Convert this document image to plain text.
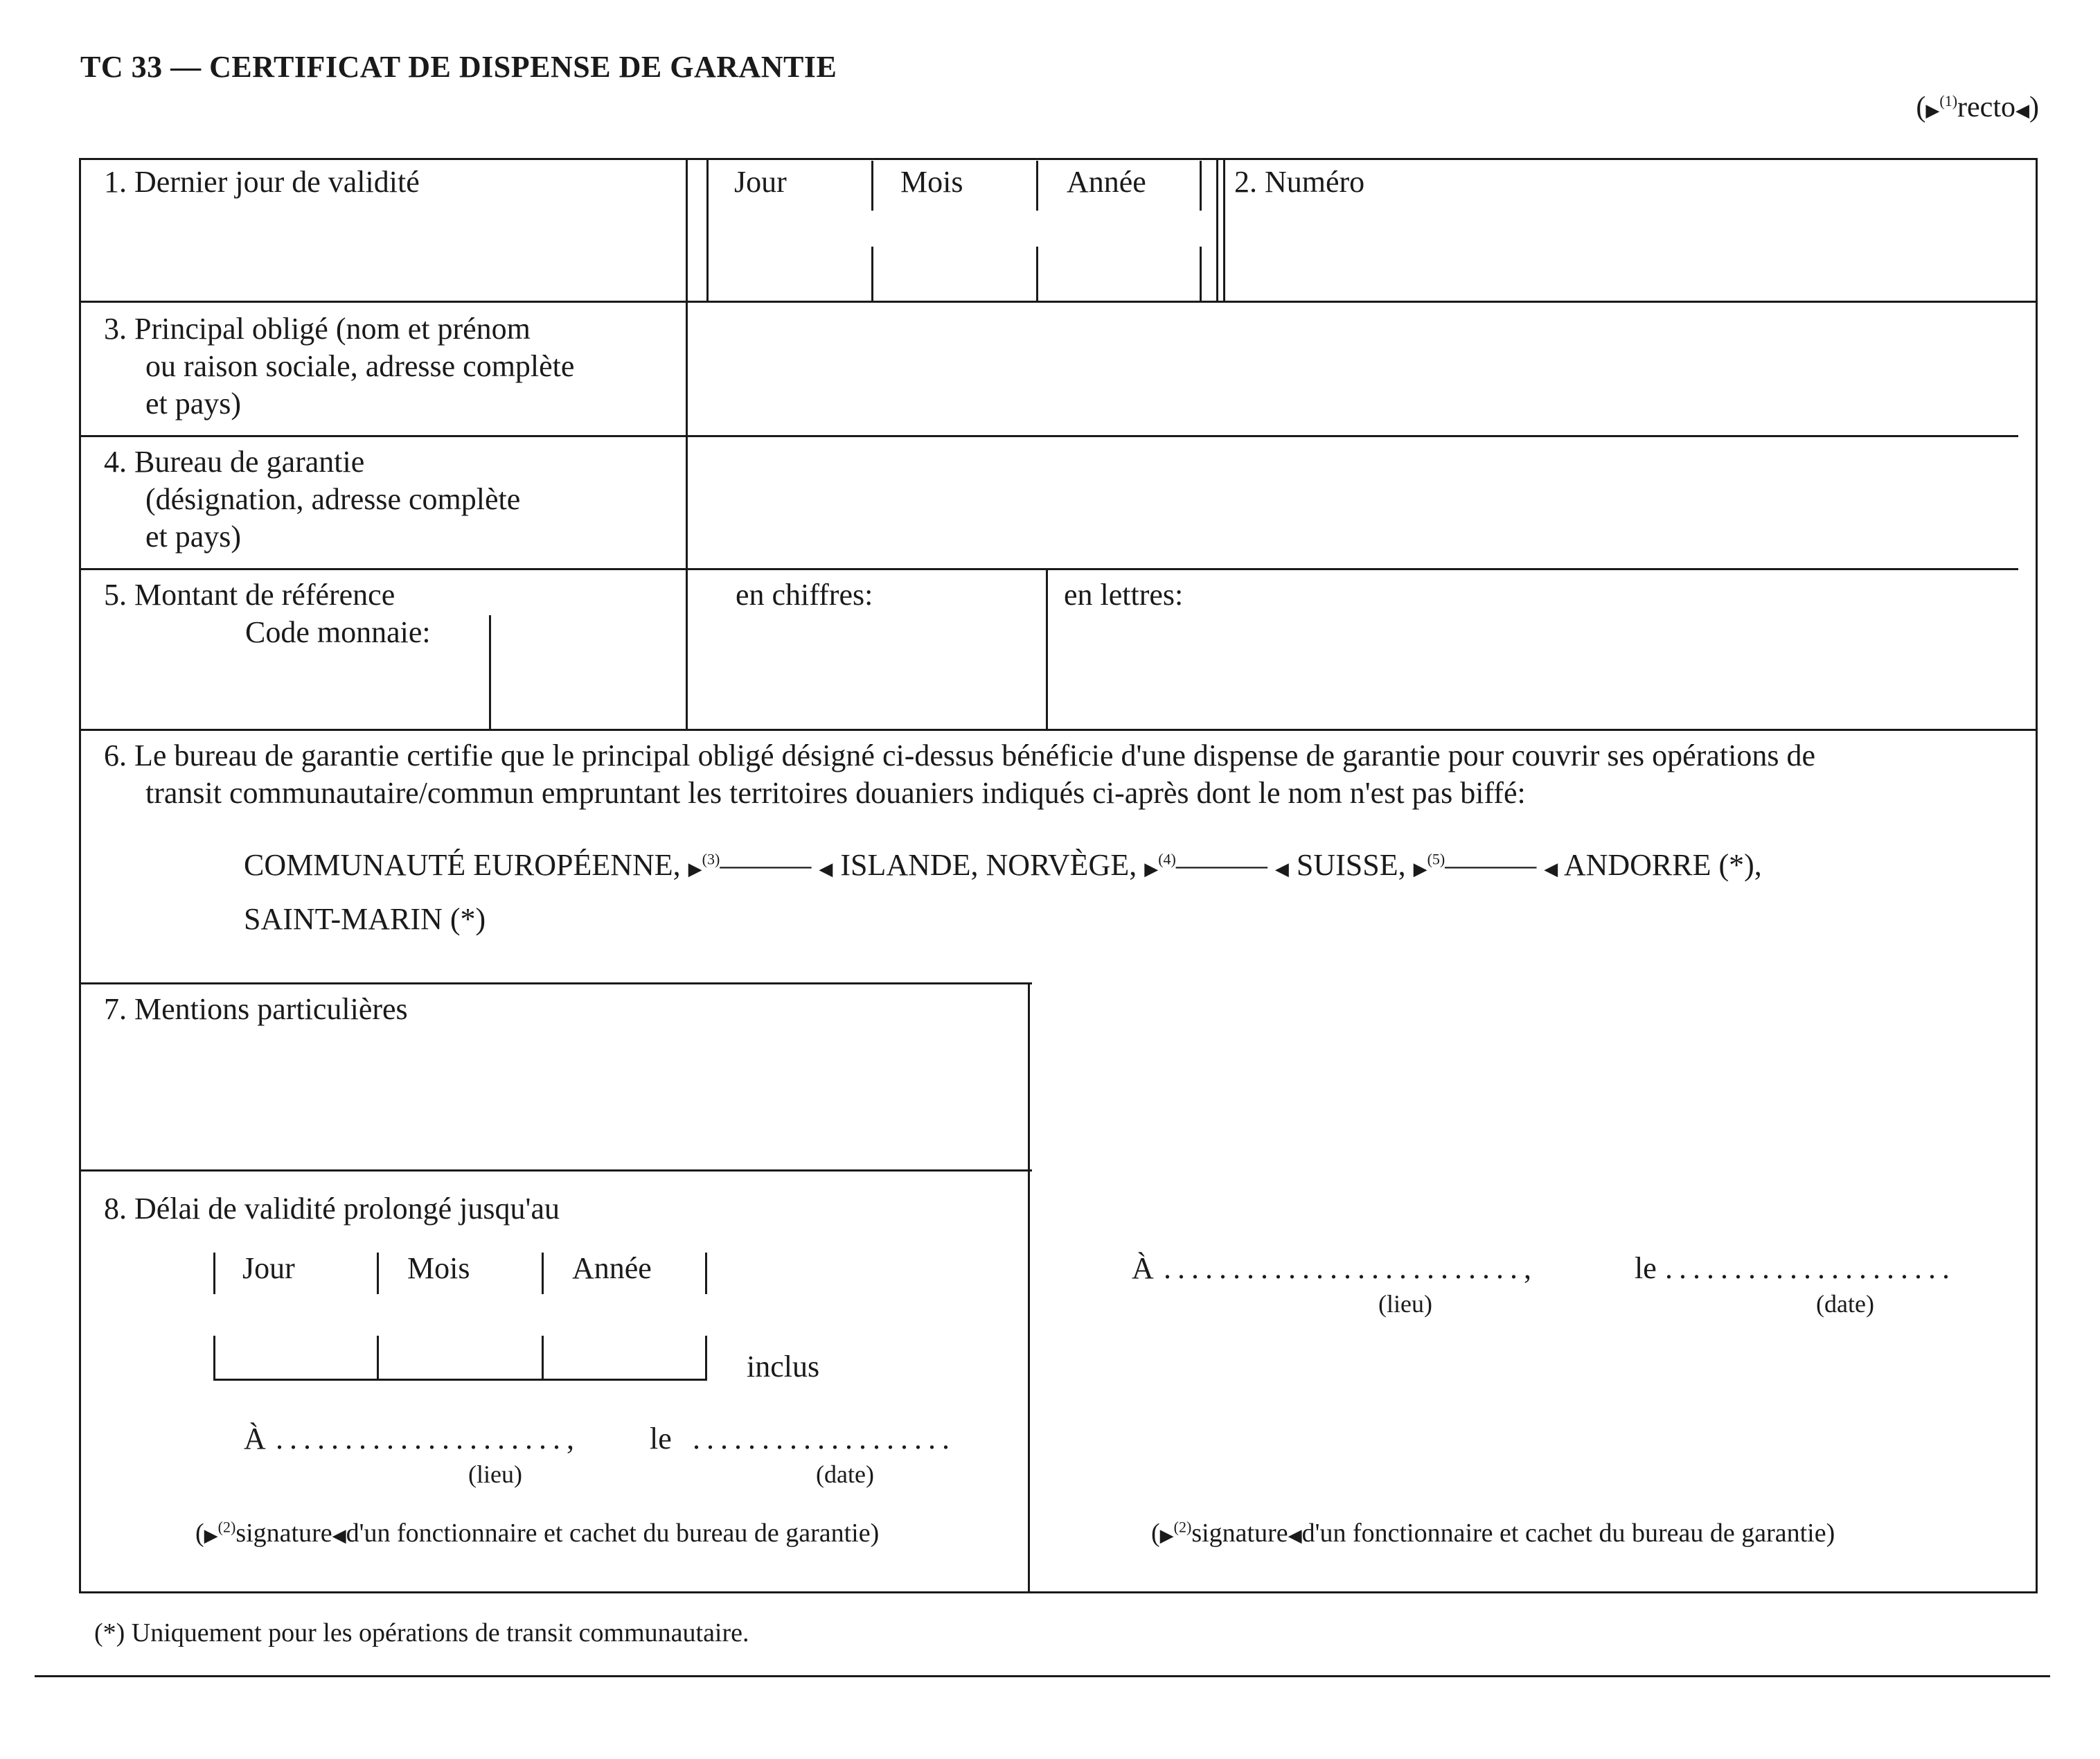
TC 33 — CERTIFICAT DE DISPENSE DE GARANTIE
(▶$^{(1)}$recto◀)
1. Dernier jour de validité	Jour	Mois	Année	2. Numéro
3. Principal obligé (nom et prénom
ou raison sociale, adresse complète
et pays)
4. Bureau de garantie
(désignation, adresse complète
et pays)
5. Montant de référence
Code monnaie:
en chiffres:	en lettres:
6. Le bureau de garantie certifie que le principal obligé désigné ci-dessus bénéficie d'une dispense de garantie pour couvrir ses opérations de
transit communautaire/commun empruntant les territoires douaniers indiqués ci-après dont le nom n'est pas biffé:
COMMUNAUTÉ EUROPÉENNE, ▶$^{(3)}$——— ◀ ISLANDE, NORVÈGE, ▶$^{(4)}$——— ◀ SUISSE, ▶$^{(5)}$——— ◀ ANDORRE (*),
SAINT-MARIN (*)
7. Mentions particulières
8. Délai de validité prolongé jusqu'au
Jour	Mois	Année
inclus
À ....................., le ...................
(lieu)	(date)
(▶$^{(2)}$signature◀d'un fonctionnaire et cachet du bureau de garantie)
À ..........................,	le .....................
(lieu)	(date)
(▶$^{(2)}$signature◀d'un fonctionnaire et cachet du bureau de garantie)
(*) Uniquement pour les opérations de transit communautaire.
